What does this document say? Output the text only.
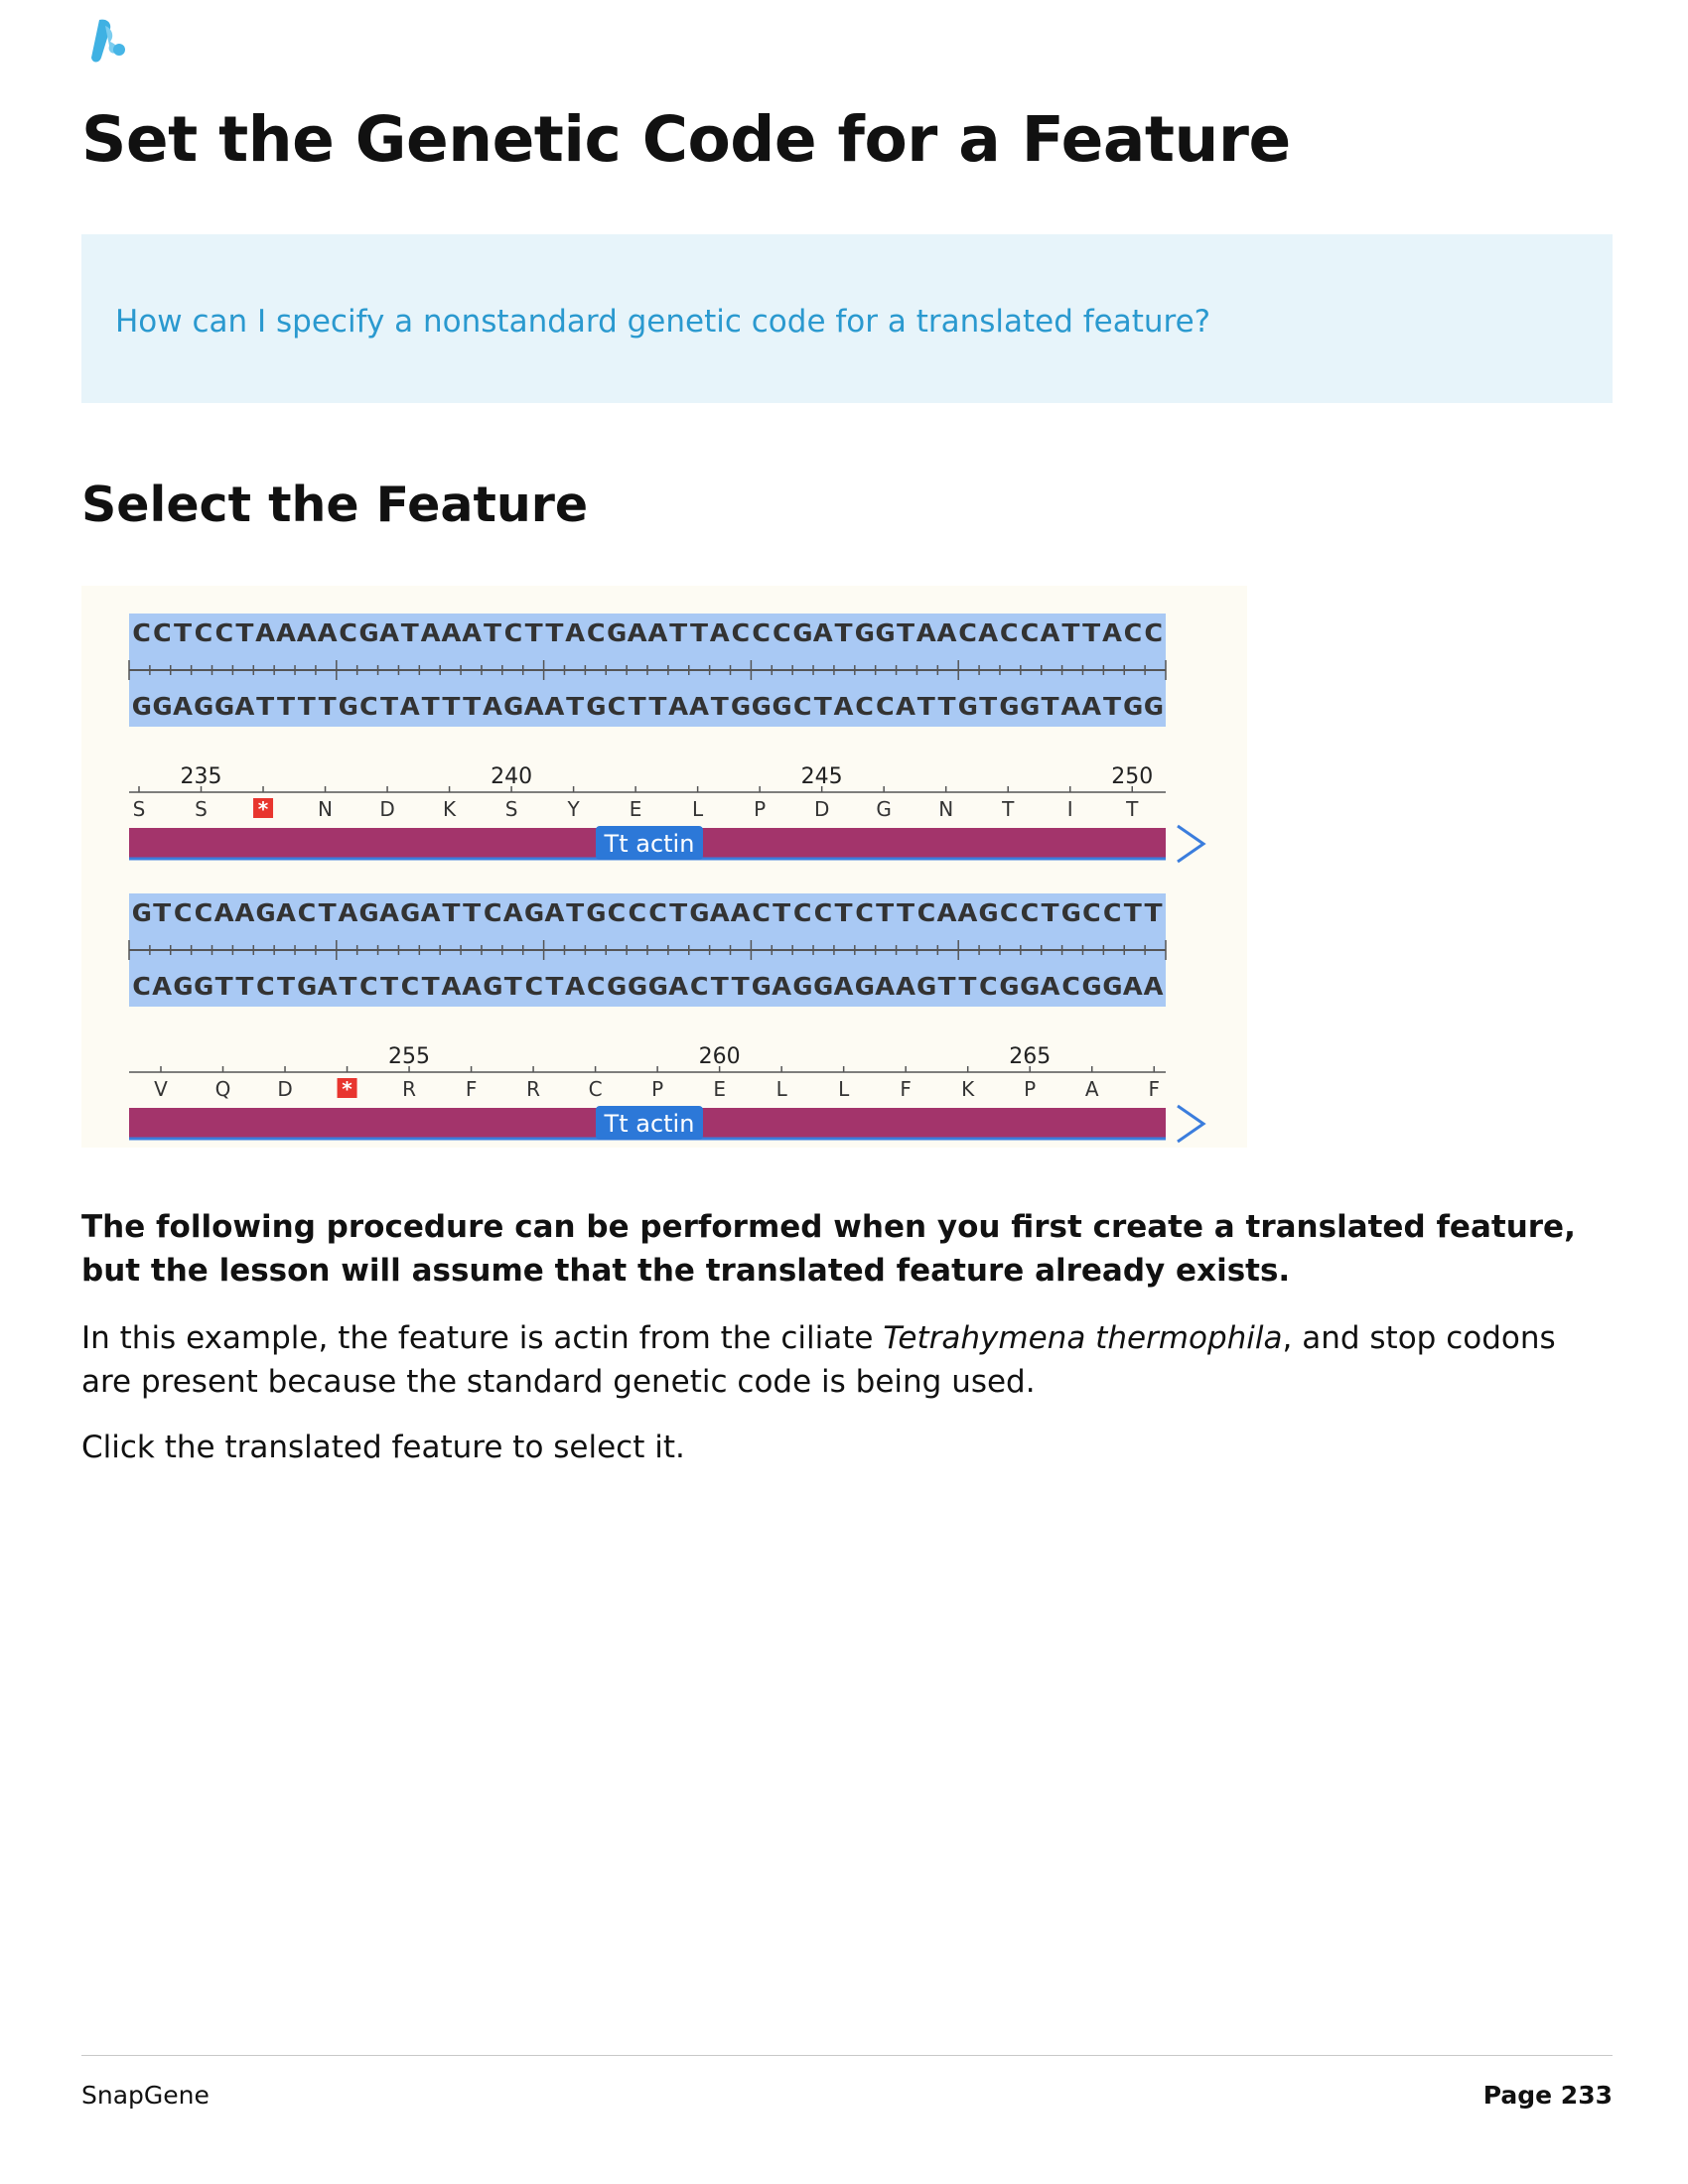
Set the Genetic Code for a Feature
How can I specify a nonstandard genetic code for a translated feature?
Select the Feature
CCTCCTAAAACGATAAATCTTACGAATTACCCGATGGTAACACCATTACC
GGAGGATTTTGCTATTTAGAATGCTTAATGGGCTACCATTGTGGTAATGG
235	240	245	250
S S	* N D K S	Y	E	L	P D G N T	I	T
Tt actin
GTCCAAGACTAGAGATTCAGATGCCCTGAACTCCTCTTCAAGCCTGCCTT
CAGGTTCTGATCTCTAAGTCTACGGGACTTGAGGAGAAGTTCGGACGGAA
255	260	265
V Q D *	R F R C P	E	L	L	F	K P A F
Tt actin

The following procedure can be performed when you first create a translated feature, but the lesson will assume that the translated feature already exists.

In this example, the feature is actin from the ciliate Tetrahymena thermophila, and stop codons are present because the standard genetic code is being used.

Click the translated feature to select it.

SnapGene	Page 233
